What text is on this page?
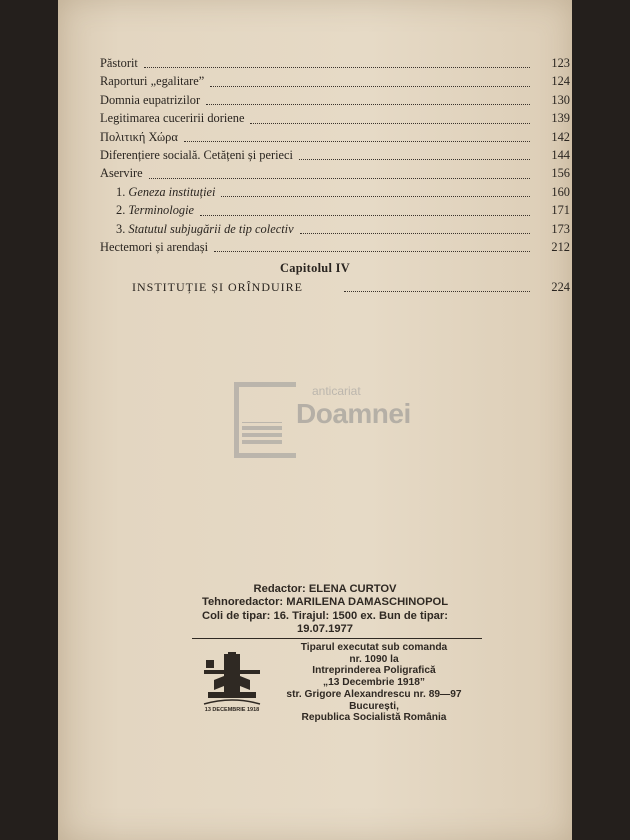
Păstorit	123
Raporturi „egalitare”	124
Domnia eupatrizilor	130
Legitimarea cuceririi doriene	139
Πολιτική Χώρα	142
Diferențiere socială. Cetățeni și perieci	144
Aservire	156
1. Geneza instituției	160
2. Terminologie	171
3. Statutul subjugării de tip colectiv	173
Hectemori și arendași	212
Capitolul IV
INSTITUȚIE ȘI ORÎNDUIRE	224
anticariat
Doamnei
Redactor: ELENA CURTOV
Tehnoredactor: MARILENA DAMASCHINOPOL
Coli de tipar: 16. Tirajul: 1500 ex. Bun de tipar:
19.07.1977
13 DECEMBRIE 1918
Tiparul executat sub comanda
nr. 1090 la
Intreprinderea Poligrafică
„13 Decembrie 1918”
str. Grigore Alexandrescu nr. 89—97
București,
Republica Socialistă România
